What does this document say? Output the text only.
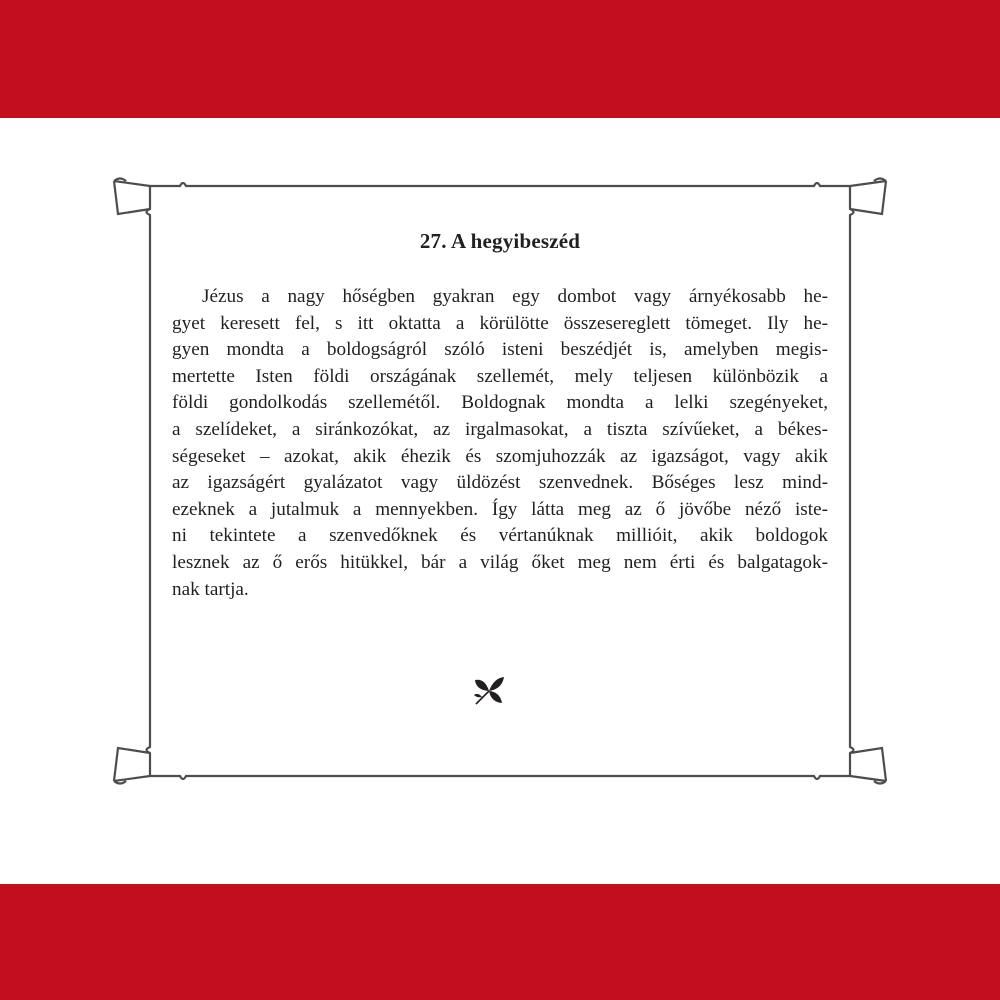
27. A hegyibeszéd
Jézus a nagy hőségben gyakran egy dombot vagy árnyékosabb he-
gyet keresett fel, s itt oktatta a körülötte összesereglett tömeget. Ily he-
gyen mondta a boldogságról szóló isteni beszédjét is, amelyben megis-
mertette Isten földi országának szellemét, mely teljesen különbözik a
földi gondolkodás szellemétől. Boldognak mondta a lelki szegényeket,
a szelídeket, a siránkozókat, az irgalmasokat, a tiszta szívűeket, a békes-
ségeseket – azokat, akik éhezik és szomjuhozzák az igazságot, vagy akik
az igazságért gyalázatot vagy üldözést szenvednek. Bőséges lesz mind-
ezeknek a jutalmuk a mennyekben. Így látta meg az ő jövőbe néző iste-
ni tekintete a szenvedőknek és vértanúknak millióit, akik boldogok
lesznek az ő erős hitükkel, bár a világ őket meg nem érti és balgatagok-
nak tartja.
